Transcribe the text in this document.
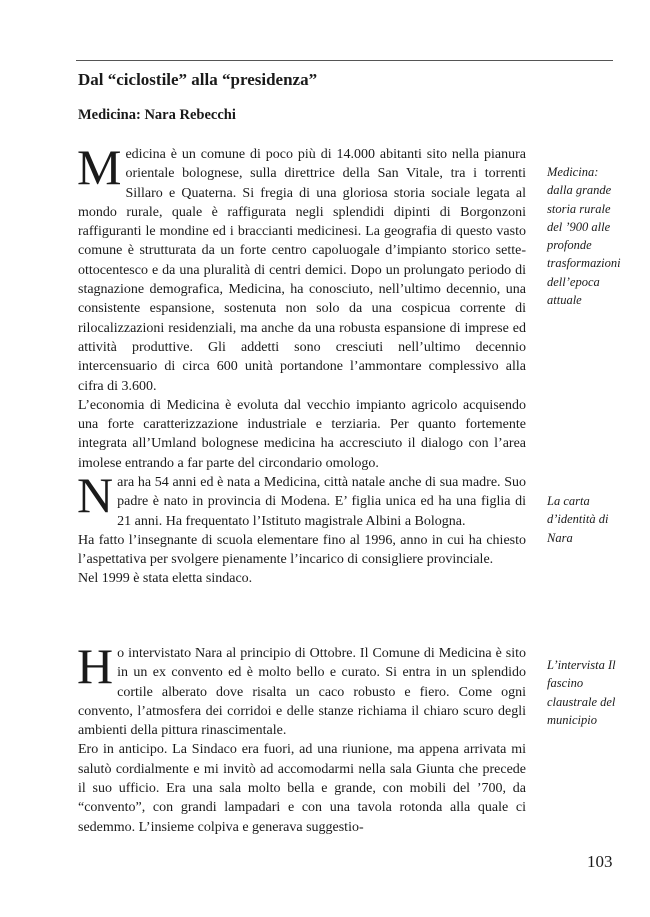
Dal “ciclostile” alla “presidenza”
Medicina: Nara Rebecchi

Medicina è un comune di poco più di 14.000 abitanti sito nella pianura orientale bolognese, sulla direttrice della San Vitale, tra i torrenti Sillaro e Quaterna. Si fregia di una gloriosa storia sociale legata al mondo rurale, quale è raffigurata negli splendidi dipinti di Borgonzoni raffiguranti le mondine ed i braccianti medicinesi. La geografia di questo vasto comune è strutturata da un forte centro capoluogale d’impianto storico sette-ottocentesco e da una pluralità di centri demici. Dopo un prolungato periodo di stagnazione demografica, Medicina, ha conosciuto, nell’ultimo decennio, una consistente espansione, sostenuta non solo da una cospicua corrente di rilocalizzazioni residenziali, ma anche da una robusta espansione di imprese ed attività produttive. Gli addetti sono cresciuti nell’ultimo decennio intercensuario di circa 600 unità portandone l’ammontare complessivo alla cifra di 3.600.

L’economia di Medicina è evoluta dal vecchio impianto agricolo acquisendo una forte caratterizzazione industriale e terziaria. Per quanto fortemente integrata all’Umland bolognese medicina ha accresciuto il dialogo con l’area imolese entrando a far parte del circondario omologo.

Nara ha 54 anni ed è nata a Medicina, città natale anche di sua madre. Suo padre è nato in provincia di Modena. E’ figlia unica ed ha una figlia di 21 anni. Ha frequentato l’Istituto magistrale Albini a Bologna.

Ha fatto l’insegnante di scuola elementare fino al 1996, anno in cui ha chiesto l’aspettativa per svolgere pienamente l’incarico di consigliere provinciale.

Nel 1999 è stata eletta sindaco.

Ho intervistato Nara al principio di Ottobre. Il Comune di Medicina è sito in un ex convento ed è molto bello e curato. Si entra in un splendido cortile alberato dove risalta un caco robusto e fiero. Come ogni convento, l’atmosfera dei corridoi e delle stanze richiama il chiaro scuro degli ambienti della pittura rinascimentale.

Ero in anticipo. La Sindaco era fuori, ad una riunione, ma appena arrivata mi salutò cordialmente e mi invitò ad accomodarmi nella sala Giunta che precede il suo ufficio. Era una sala molto bella e grande, con mobili del ’700, da “convento”, con grandi lampadari e con una tavola rotonda alla quale ci sedemmo. L’insieme colpiva e generava suggestio-

Medicina: dalla grande storia rurale del ’900 alle profonde trasformazioni dell’epoca attuale
La carta d’identità di Nara
L’intervista Il fascino claustrale del municipio
103
